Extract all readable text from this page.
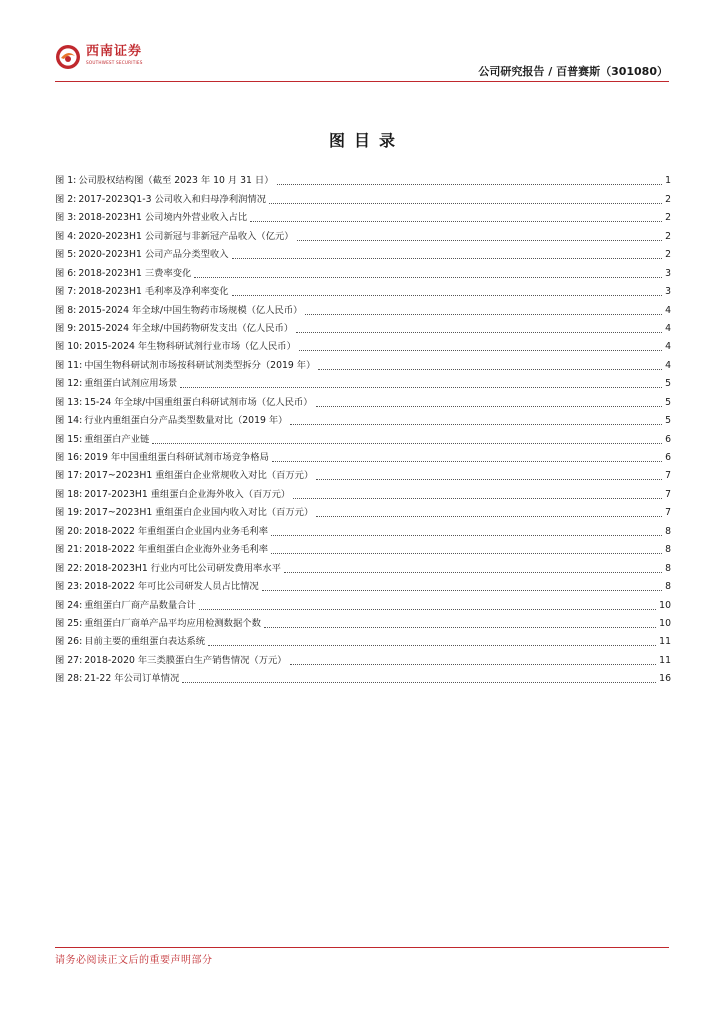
西南证券
SOUTHWEST SECURITIES
公司研究报告 / 百普赛斯（301080）
图目录
图 1: 公司股权结构图（截至 2023 年 10 月 31 日）	1
图 2: 2017-2023Q1-3 公司收入和归母净利润情况	2
图 3: 2018-2023H1 公司境内外营业收入占比	2
图 4: 2020-2023H1 公司新冠与非新冠产品收入（亿元）	2
图 5: 2020-2023H1 公司产品分类型收入	2
图 6: 2018-2023H1 三费率变化	3
图 7: 2018-2023H1 毛利率及净利率变化	3
图 8: 2015-2024 年全球/中国生物药市场规模（亿人民币）	4
图 9: 2015-2024 年全球/中国药物研发支出（亿人民币）	4
图 10: 2015-2024 年生物科研试剂行业市场（亿人民币）	4
图 11: 中国生物科研试剂市场按科研试剂类型拆分（2019 年）	4
图 12: 重组蛋白试剂应用场景	5
图 13: 15-24 年全球/中国重组蛋白科研试剂市场（亿人民币）	5
图 14: 行业内重组蛋白分产品类型数量对比（2019 年）	5
图 15: 重组蛋白产业链	6
图 16: 2019 年中国重组蛋白科研试剂市场竞争格局	6
图 17: 2017~2023H1 重组蛋白企业常规收入对比（百万元）	7
图 18: 2017-2023H1 重组蛋白企业海外收入（百万元）	7
图 19: 2017~2023H1 重组蛋白企业国内收入对比（百万元）	7
图 20: 2018-2022 年重组蛋白企业国内业务毛利率	8
图 21: 2018-2022 年重组蛋白企业海外业务毛利率	8
图 22: 2018-2023H1 行业内可比公司研发费用率水平	8
图 23: 2018-2022 年可比公司研发人员占比情况	8
图 24: 重组蛋白厂商产品数量合计	10
图 25: 重组蛋白厂商单产品平均应用检测数据个数	10
图 26: 目前主要的重组蛋白表达系统	11
图 27: 2018-2020 年三类膜蛋白生产销售情况（万元）	11
图 28: 21-22 年公司订单情况	16
请务必阅读正文后的重要声明部分
